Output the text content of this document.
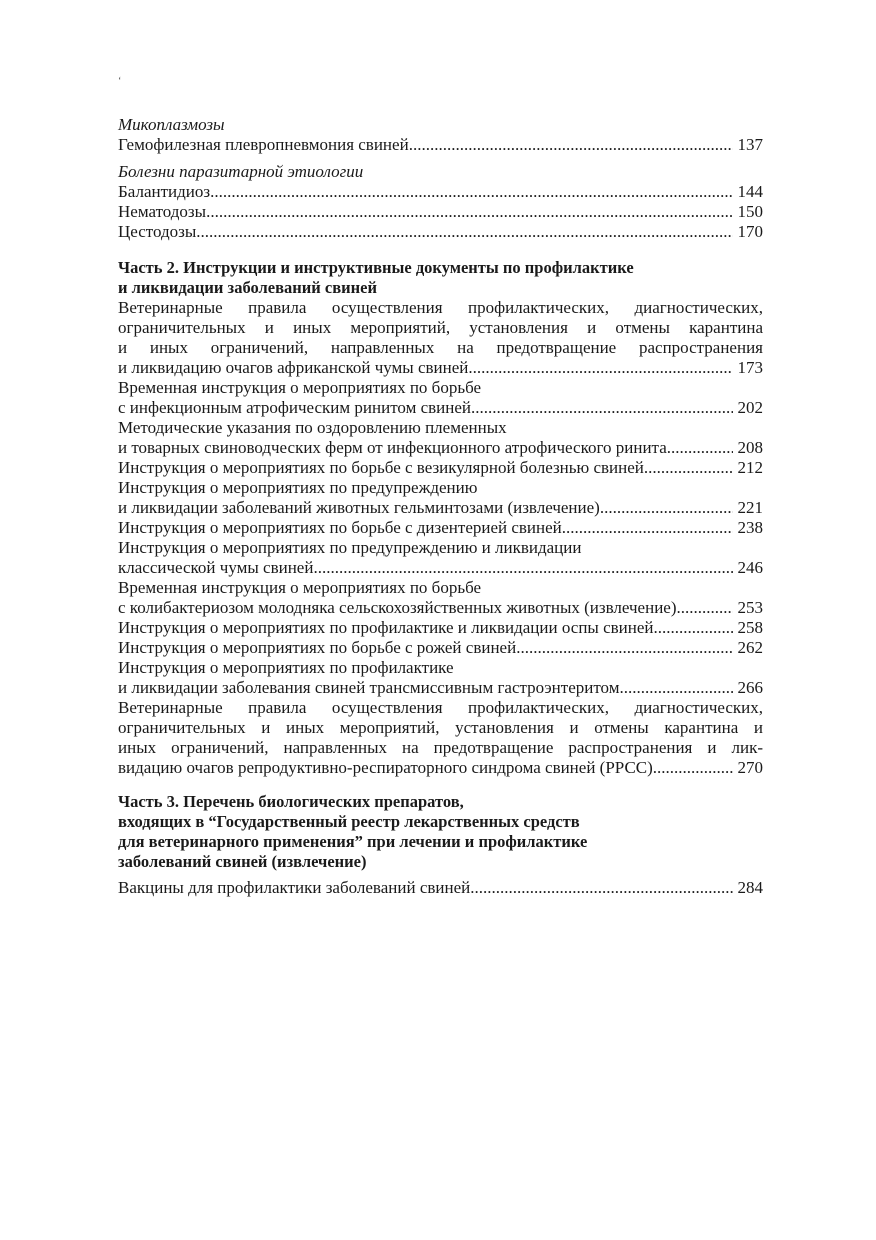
ʻ
Микоплазмозы
Гемофилезная плевропневмония свиней .....	137
Болезни паразитарной этиологии
Балантидиоз .....	144
Нематодозы .....	150
Цестодозы .....	170
Часть 2. Инструкции и инструктивные документы по профилактике
и ликвидации заболеваний свиней
Ветеринарные правила осуществления профилактических, диагностических,
ограничительных и иных мероприятий, установления и отмены карантина
и иных ограничений, направленных на предотвращение распространения
и ликвидацию очагов африканской чумы свиней .....	173
Временная инструкция о мероприятиях по борьбе
с инфекционным атрофическим ринитом свиней .....	202
Методические указания по оздоровлению племенных
и товарных свиноводческих ферм от инфекционного атрофического ринита .....	208
Инструкция о мероприятиях по борьбе с везикулярной болезнью свиней .....	212
Инструкция о мероприятиях по предупреждению
и ликвидации заболеваний животных гельминтозами (извлечение) .....	221
Инструкция о мероприятиях по борьбе с дизентерией свиней .....	238
Инструкция о мероприятиях по предупреждению и ликвидации
классической чумы свиней .....	246
Временная инструкция о мероприятиях по борьбе
с колибактериозом молодняка сельскохозяйственных животных (извлечение) .....	253
Инструкция о мероприятиях по профилактике и ликвидации оспы свиней .....	258
Инструкция о мероприятиях по борьбе с рожей свиней .....	262
Инструкция о мероприятиях по профилактике
и ликвидации заболевания свиней трансмиссивным гастроэнтеритом .....	266
Ветеринарные правила осуществления профилактических, диагностических,
ограничительных и иных мероприятий, установления и отмены карантина и
иных ограничений, направленных на предотвращение распространения и лик-
видацию очагов репродуктивно-респираторного синдрома свиней (РРСС) .....	270
Часть 3. Перечень биологических препаратов,
входящих в “Государственный реестр лекарственных средств
для ветеринарного применения” при лечении и профилактике
заболеваний свиней (извлечение)
Вакцины для профилактики заболеваний свиней .....	284
